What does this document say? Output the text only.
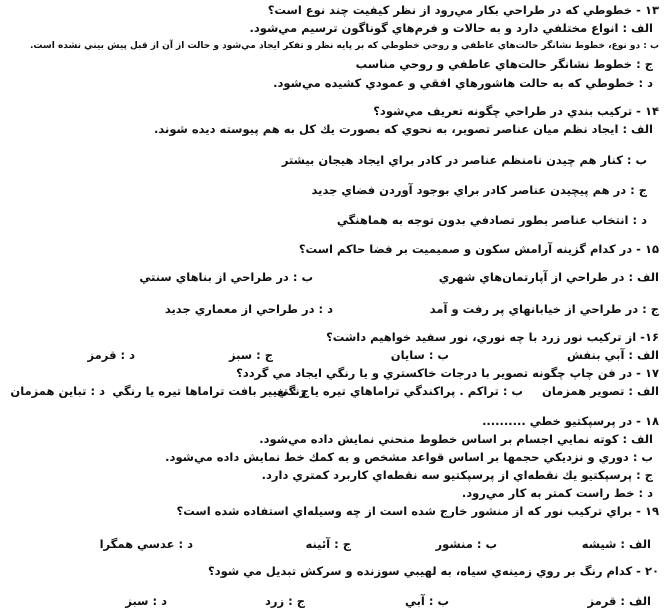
۱۳ - خطوطي كه در طراحي بكار مي‌رود از نظر كيفيت چند نوع است؟
الف : انواع مختلفي دارد و به حالات و فرم‌هاي گوناگون ترسيم مي‌شود.
ب : دو نوع، خطوط نشانگر حالت‌هاي عاطفي و روحي خطوطي كه بر پايه نظر و تفكر ايجاد مي‌شود و حالت از آن از قبل پيش بيني نشده است.
ج : خطوط نشانگر حالت‌هاي عاطفي و روحي مناسب
د : خطوطي كه به حالت هاشورهاي افقي و عمودي كشيده مي‌شود.
۱۴ - تركيب بندي در طراحي چگونه تعريف مي‌شود؟
الف : ايجاد نظم ميان عناصر تصوير، به نحوي كه بصورت يك كل به هم پيوسته ديده شوند.
ب : كنار هم چيدن نامنظم عناصر در كادر براي ايجاد هيجان بيشتر
ج : در هم پيچيدن عناصر كادر براي بوجود آوردن فضاي جديد
د : انتخاب عناصر بطور تصادفي بدون توجه به هماهنگي
۱۵ - در كدام گزينه آرامش سكون و صميميت بر فضا حاكم است؟
الف : در طراحي از آپارتمان‌هاي شهري
ب : در طراحي از بناهاي سنتي
ج : در طراحي از خيابانهاي پر رفت و آمد
د : در طراحي از معماري جديد
۱۶- از تركيب نور زرد با چه نوري، نور سفيد خواهيم داشت؟
الف : آبي بنفش
ب : سايان
ج : سبز
د : قرمز
۱۷ - در فن چاپ چگونه تصوير با درجات خاكستري و يا رنگي ايجاد مي گردد؟
الف : تصوير همزمان
ب : تراكم . پراكندگي تراماهاي تيره يا رنگي
ج : تغيير بافت تراماها تيره يا رنگي
د : تباين همزمان
۱۸ - در پرسپكتيو خطي ..........
الف : كوته نمايي اجسام بر اساس خطوط منحني نمايش داده مي‌شود.
ب : دوري و نزديكي حجمها بر اساس قواعد مشخص و به كمك خط نمايش داده مي‌شود.
ج : پرسپكتيو يك نقطه‌اي از پرسپكتيو سه نقطه‌اي كاربرد كمتري دارد.
د : خط راست كمتر به كار مي‌رود.
۱۹ - براي تركيب نور كه از منشور خارج شده است از چه وسيله‌اي استفاده شده است؟
الف : شيشه
ب : منشور
ج : آئينه
د : عدسي همگرا
۲۰ - كدام رنگ بر روي زمينه‌ي سياه، به لهيبي سوزنده و سركش تبديل مي شود؟
الف : قرمز
ب : آبي
ج : زرد
د : سبز
